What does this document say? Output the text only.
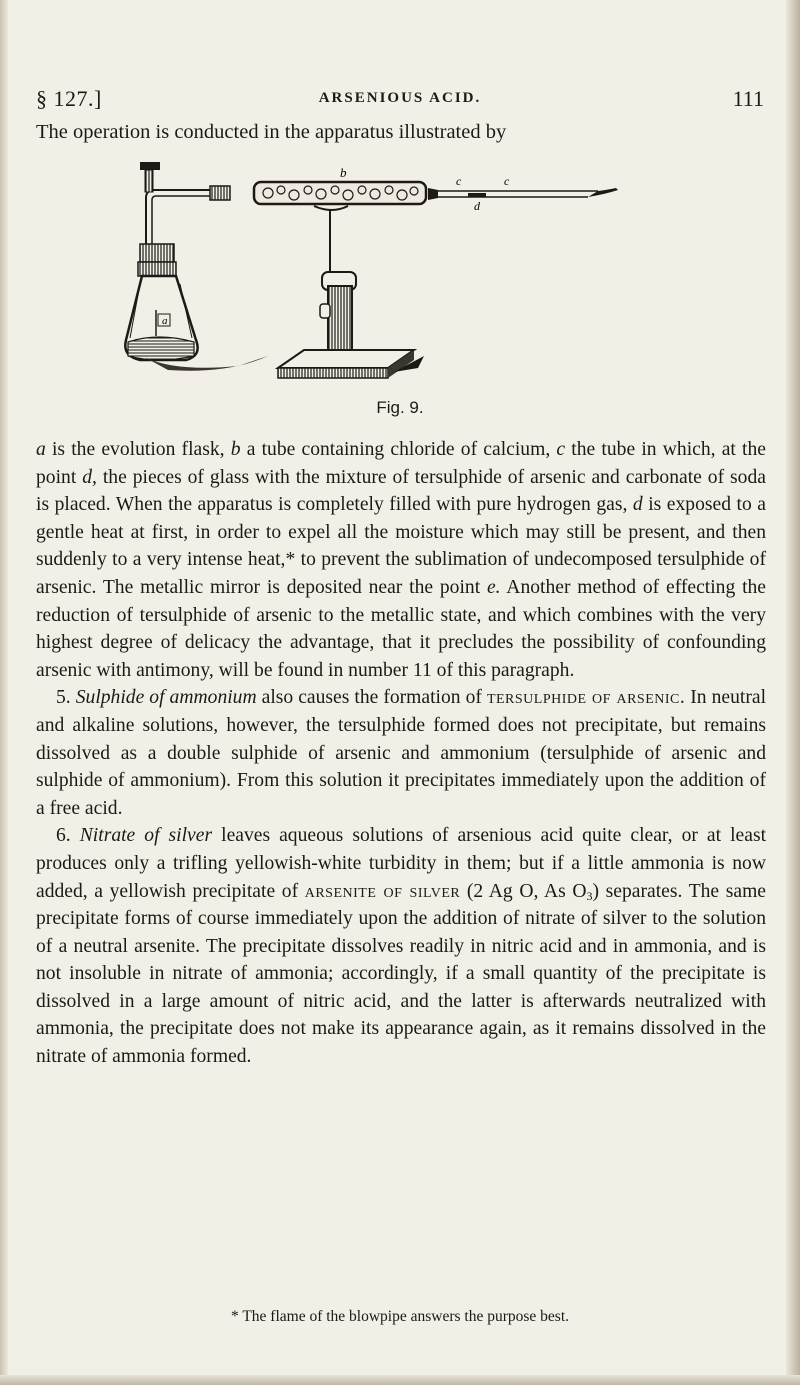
§ 127.]	ARSENIOUS ACID.	111
The operation is conducted in the apparatus illustrated by
a
b
c	c
d
Fig. 9.

a is the evolution flask, b a tube containing chloride of calcium, c the tube in which, at the point d, the pieces of glass with the mixture of tersulphide of arsenic and carbonate of soda is placed. When the apparatus is completely filled with pure hydrogen gas, d is exposed to a gentle heat at first, in order to expel all the moisture which may still be present, and then suddenly to a very intense heat,* to prevent the sublimation of undecomposed tersulphide of arsenic. The metallic mirror is deposited near the point e. Another method of effecting the reduction of tersulphide of arsenic to the metallic state, and which combines with the very highest degree of delicacy the advantage, that it precludes the possibility of confounding arsenic with antimony, will be found in number 11 of this paragraph.

5. Sulphide of ammonium also causes the formation of tersulphide of arsenic. In neutral and alkaline solutions, however, the tersulphide formed does not precipitate, but remains dissolved as a double sulphide of arsenic and ammonium (tersulphide of arsenic and sulphide of ammonium). From this solution it precipitates immediately upon the addition of a free acid.

6. Nitrate of silver leaves aqueous solutions of arsenious acid quite clear, or at least produces only a trifling yellowish-white turbidity in them; but if a little ammonia is now added, a yellowish precipitate of arsenite of silver (2 Ag O, As $O_3$) separates. The same precipitate forms of course immediately upon the addition of nitrate of silver to the solution of a neutral arsenite. The precipitate dissolves readily in nitric acid and in ammonia, and is not insoluble in nitrate of ammonia; accordingly, if a small quantity of the precipitate is dissolved in a large amount of nitric acid, and the latter is afterwards neutralized with ammonia, the precipitate does not make its appearance again, as it remains dissolved in the nitrate of ammonia formed.

* The flame of the blowpipe answers the purpose best.
